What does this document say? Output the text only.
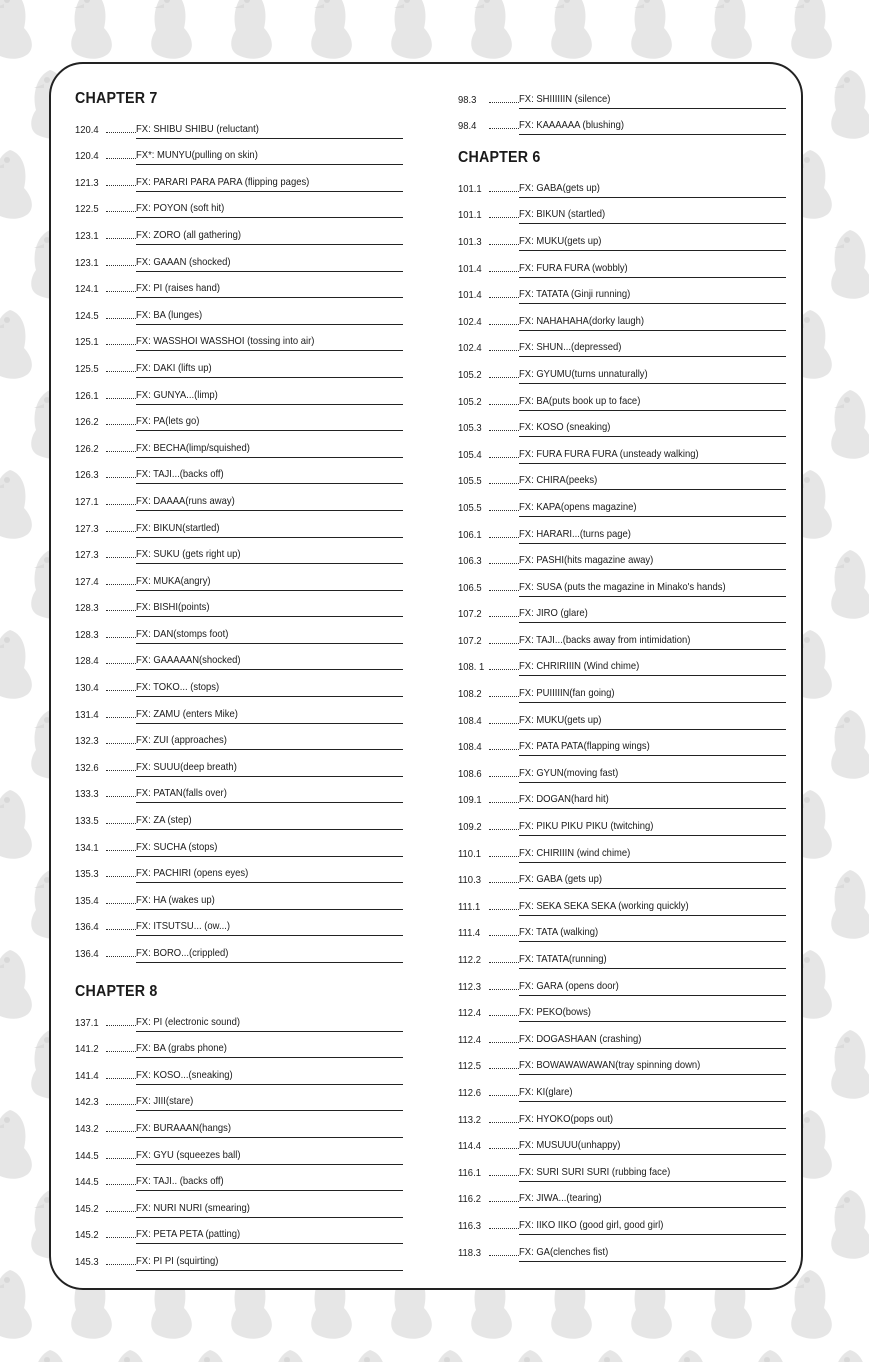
CHAPTER 7
120.4	FX: SHIBU SHIBU (reluctant)
120.4	FX*: MUNYU(pulling on skin)
121.3	FX: PARARI PARA PARA (flipping pages)
122.5	FX: POYON (soft hit)
123.1	FX: ZORO (all gathering)
123.1	FX: GAAAN (shocked)
124.1	FX: PI (raises hand)
124.5	FX: BA (lunges)
125.1	FX: WASSHOI WASSHOI (tossing into air)
125.5	FX: DAKI (lifts up)
126.1	FX: GUNYA...(limp)
126.2	FX: PA(lets go)
126.2	FX: BECHA(limp/squished)
126.3	FX: TAJI...(backs off)
127.1	FX: DAAAA(runs away)
127.3	FX: BIKUN(startled)
127.3	FX: SUKU (gets right up)
127.4	FX: MUKA(angry)
128.3	FX: BISHI(points)
128.3	FX: DAN(stomps foot)
128.4	FX: GAAAAAN(shocked)
130.4	FX: TOKO... (stops)
131.4	FX: ZAMU (enters Mike)
132.3	FX: ZUI (approaches)
132.6	FX: SUUU(deep breath)
133.3	FX: PATAN(falls over)
133.5	FX: ZA (step)
134.1	FX: SUCHA (stops)
135.3	FX: PACHIRI (opens eyes)
135.4	FX: HA (wakes up)
136.4	FX: ITSUTSU... (ow...)
136.4	FX: BORO...(crippled)
CHAPTER 8
137.1	FX: PI (electronic sound)
141.2	FX: BA (grabs phone)
141.4	FX: KOSO...(sneaking)
142.3	FX: JIII(stare)
143.2	FX: BURAAAN(hangs)
144.5	FX: GYU (squeezes ball)
144.5	FX: TAJI.. (backs off)
145.2	FX: NURI NURI (smearing)
145.2	FX: PETA PETA (patting)
145.3	FX: PI PI (squirting)
98.3	FX: SHIIIIIIN (silence)
98.4	FX: KAAAAAA (blushing)
CHAPTER 6
101.1	FX: GABA(gets up)
101.1	FX: BIKUN (startled)
101.3	FX: MUKU(gets up)
101.4	FX: FURA FURA (wobbly)
101.4	FX: TATATA (Ginji running)
102.4	FX: NAHAHAHA(dorky laugh)
102.4	FX: SHUN...(depressed)
105.2	FX: GYUMU(turns unnaturally)
105.2	FX: BA(puts book up to face)
105.3	FX: KOSO (sneaking)
105.4	FX: FURA FURA FURA (unsteady walking)
105.5	FX: CHIRA(peeks)
105.5	FX: KAPA(opens magazine)
106.1	FX: HARARI...(turns page)
106.3	FX: PASHI(hits magazine away)
106.5	FX: SUSA (puts the magazine in Minako's hands)
107.2	FX: JIRO (glare)
107.2	FX: TAJI...(backs away from intimidation)
108. 1	FX: CHRIRIIIN (Wind chime)
108.2	FX: PUIIIIIN(fan going)
108.4	FX: MUKU(gets up)
108.4	FX: PATA PATA(flapping wings)
108.6	FX: GYUN(moving fast)
109.1	FX: DOGAN(hard hit)
109.2	FX: PIKU PIKU PIKU (twitching)
110.1	FX: CHIRIIIN (wind chime)
110.3	FX: GABA (gets up)
111.1	FX: SEKA SEKA SEKA (working quickly)
111.4	FX: TATA (walking)
112.2	FX: TATATA(running)
112.3	FX: GARA (opens door)
112.4	FX: PEKO(bows)
112.4	FX: DOGASHAAN (crashing)
112.5	FX: BOWAWAWAWAN(tray spinning down)
112.6	FX: KI(glare)
113.2	FX: HYOKO(pops out)
114.4	FX: MUSUUU(unhappy)
116.1	FX: SURI SURI SURI (rubbing face)
116.2	FX: JIWA...(tearing)
116.3	FX: IIKO IIKO (good girl, good girl)
118.3	FX: GA(clenches fist)
